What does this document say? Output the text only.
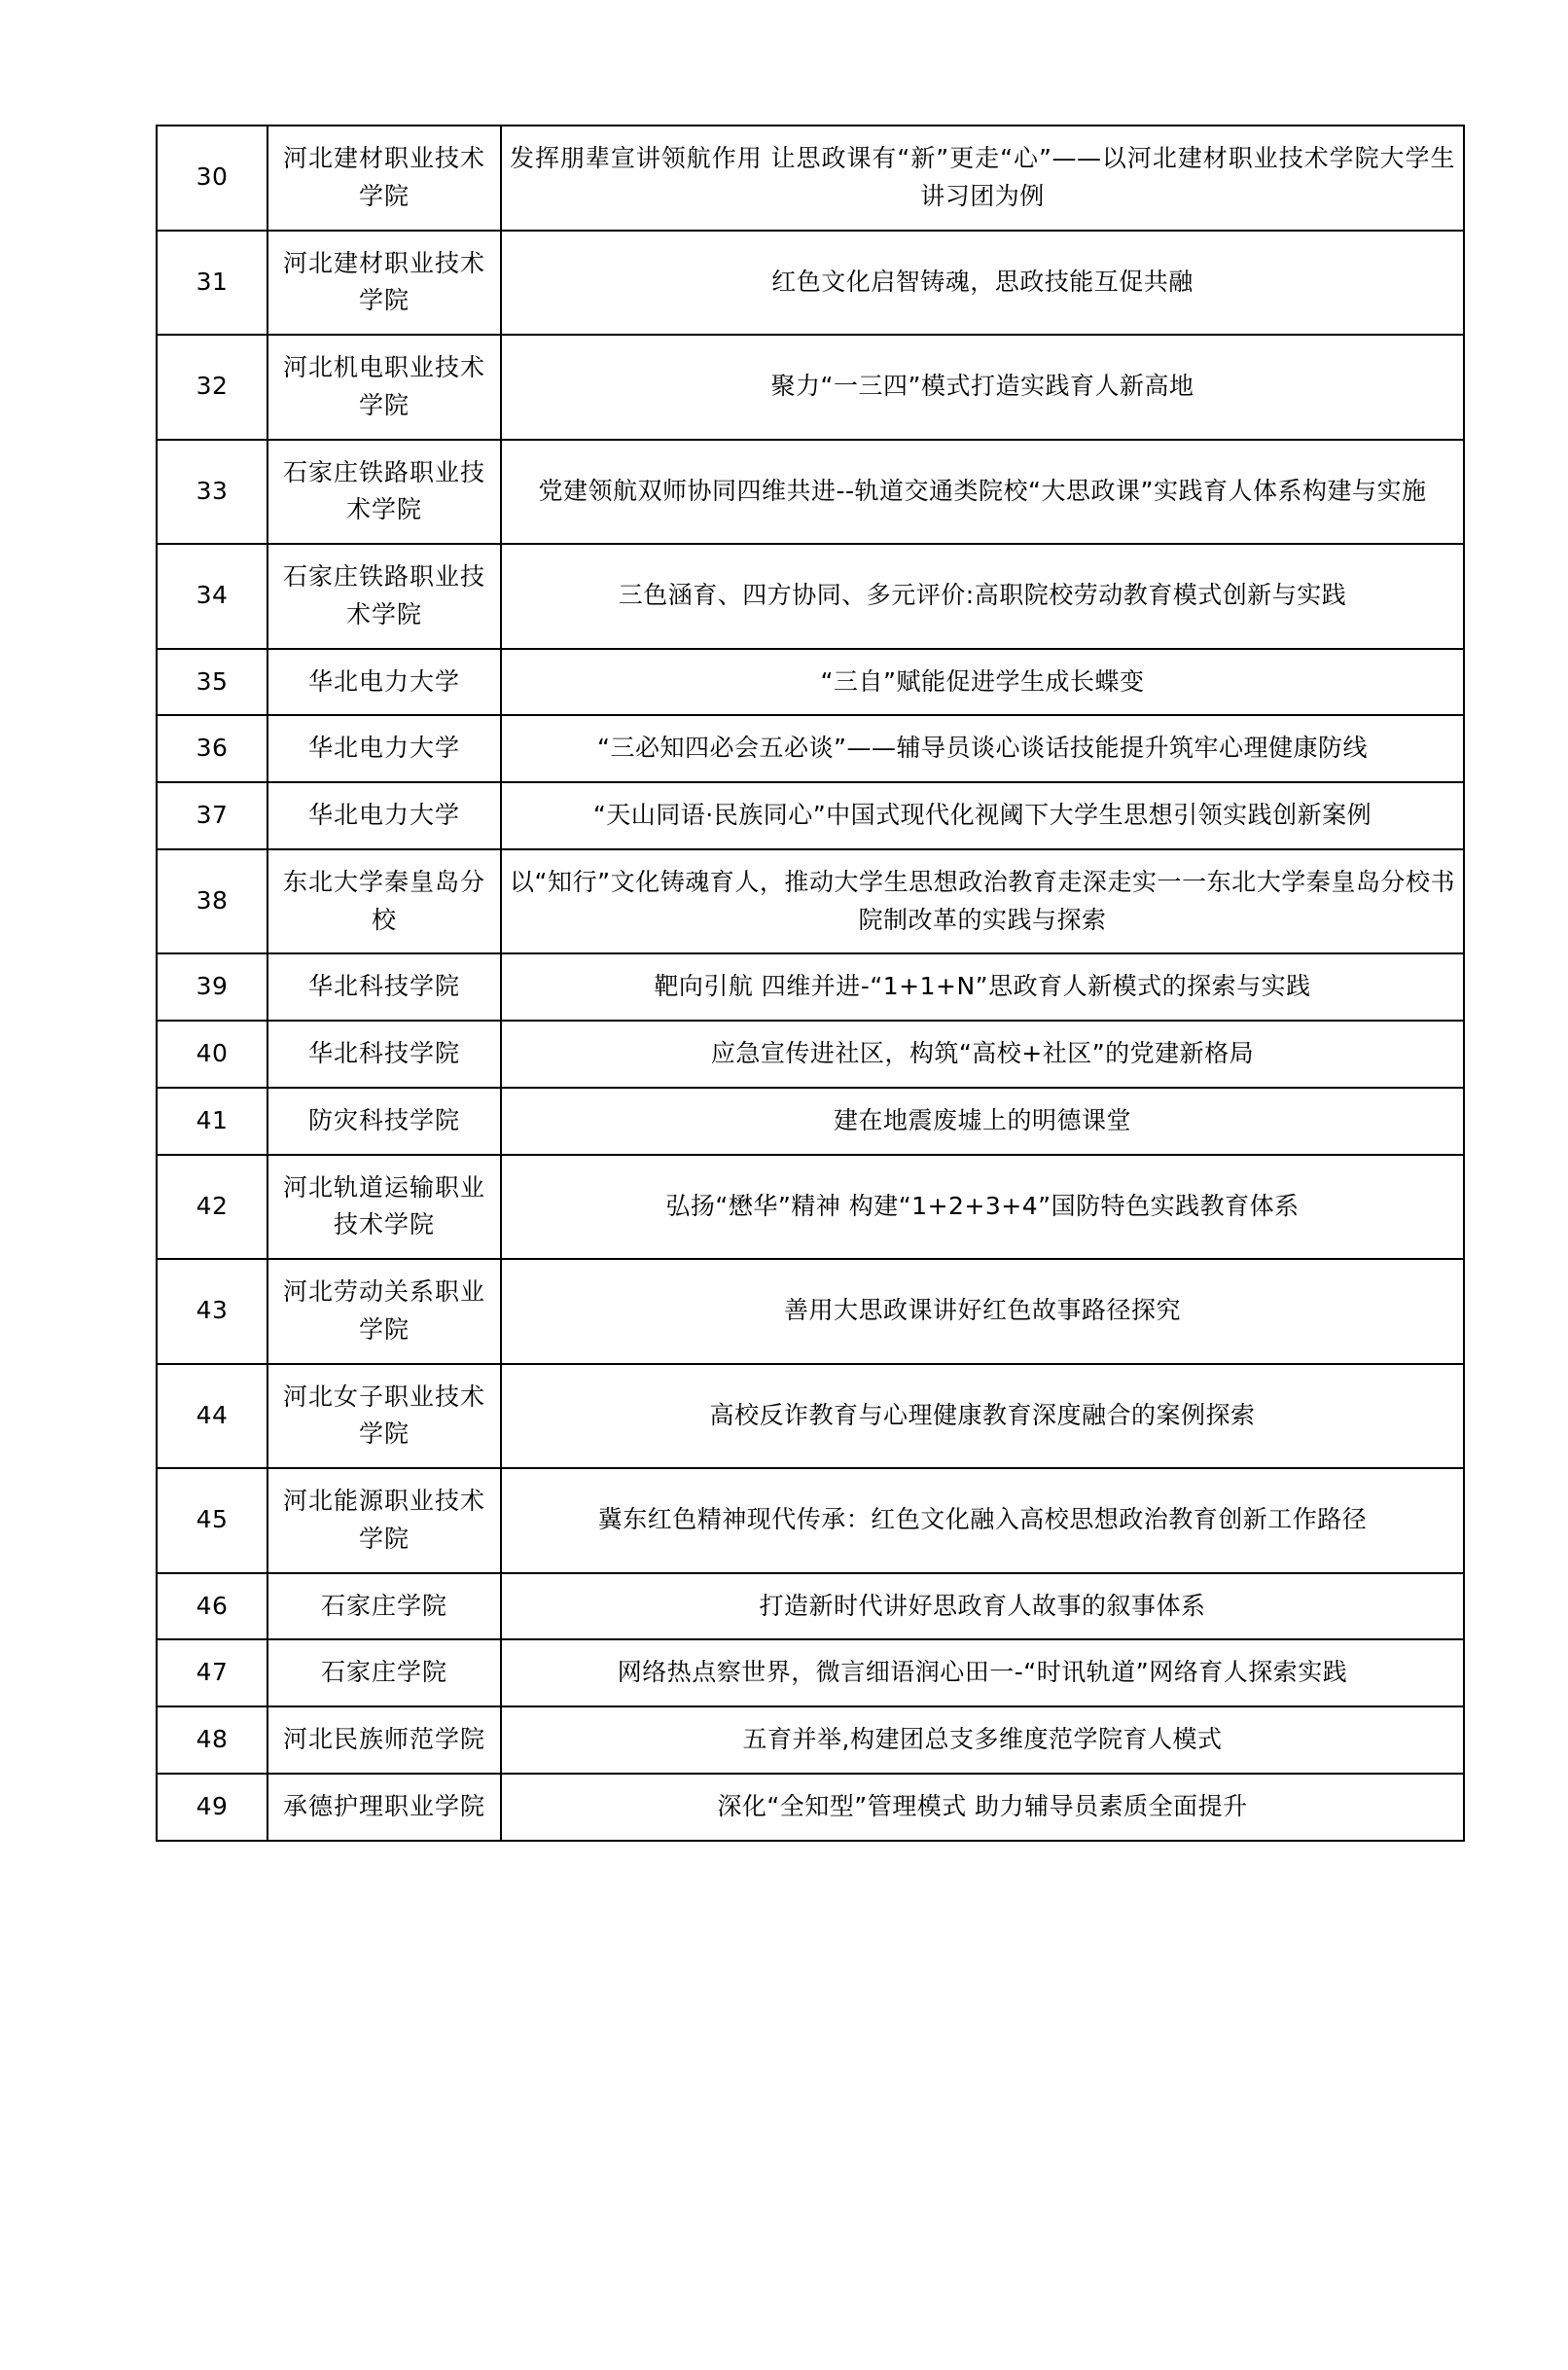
30	河北建材职业技术学院	发挥朋辈宣讲领航作用 让思政课有“新”更走“心”——以河北建材职业技术学院大学生讲习团为例
31	河北建材职业技术学院	红色文化启智铸魂，思政技能互促共融
32	河北机电职业技术学院	聚力“一三四”模式打造实践育人新高地
33	石家庄铁路职业技术学院	党建领航双师协同四维共进--轨道交通类院校“大思政课”实践育人体系构建与实施
34	石家庄铁路职业技术学院	三色涵育、四方协同、多元评价:高职院校劳动教育模式创新与实践
35	华北电力大学	“三自”赋能促进学生成长蝶变
36	华北电力大学	“三必知四必会五必谈”——辅导员谈心谈话技能提升筑牢心理健康防线
37	华北电力大学	“天山同语·民族同心”中国式现代化视阈下大学生思想引领实践创新案例
38	东北大学秦皇岛分校	以“知行”文化铸魂育人，推动大学生思想政治教育走深走实一一东北大学秦皇岛分校书院制改革的实践与探索
39	华北科技学院	靶向引航 四维并进-“1+1+N”思政育人新模式的探索与实践
40	华北科技学院	应急宣传进社区，构筑“高校+社区”的党建新格局
41	防灾科技学院	建在地震废墟上的明德课堂
42	河北轨道运输职业技术学院	弘扬“懋华”精神 构建“1+2+3+4”国防特色实践教育体系
43	河北劳动关系职业学院	善用大思政课讲好红色故事路径探究
44	河北女子职业技术学院	高校反诈教育与心理健康教育深度融合的案例探索
45	河北能源职业技术学院	冀东红色精神现代传承：红色文化融入高校思想政治教育创新工作路径
46	石家庄学院	打造新时代讲好思政育人故事的叙事体系
47	石家庄学院	网络热点察世界，微言细语润心田一-“时讯轨道”网络育人探索实践
48	河北民族师范学院	五育并举,构建团总支多维度范学院育人模式
49	承德护理职业学院	深化“全知型”管理模式 助力辅导员素质全面提升
